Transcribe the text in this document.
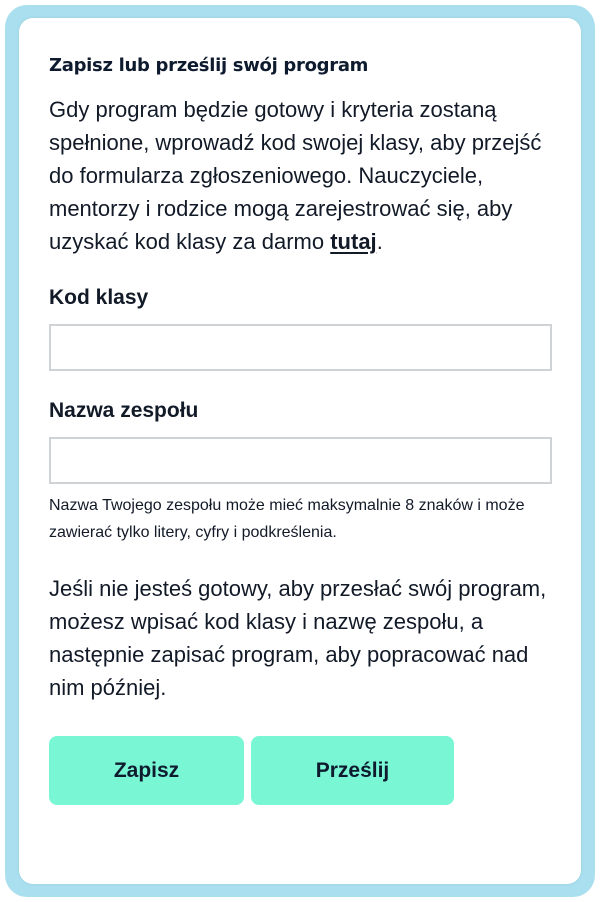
Zapisz lub prześlij swój program

Gdy program będzie gotowy i kryteria zostaną spełnione, wprowadź kod swojej klasy, aby przejść do formularza zgłoszeniowego. Nauczyciele, mentorzy i rodzice mogą zarejestrować się, aby uzyskać kod klasy za darmo tutaj.

Kod klasy

Nazwa zespołu

Nazwa Twojego zespołu może mieć maksymalnie 8 znaków i może zawierać tylko litery, cyfry i podkreślenia.

Jeśli nie jesteś gotowy, aby przesłać swój program, możesz wpisać kod klasy i nazwę zespołu, a następnie zapisać program, aby popracować nad nim później.

Zapisz	Prześlij
